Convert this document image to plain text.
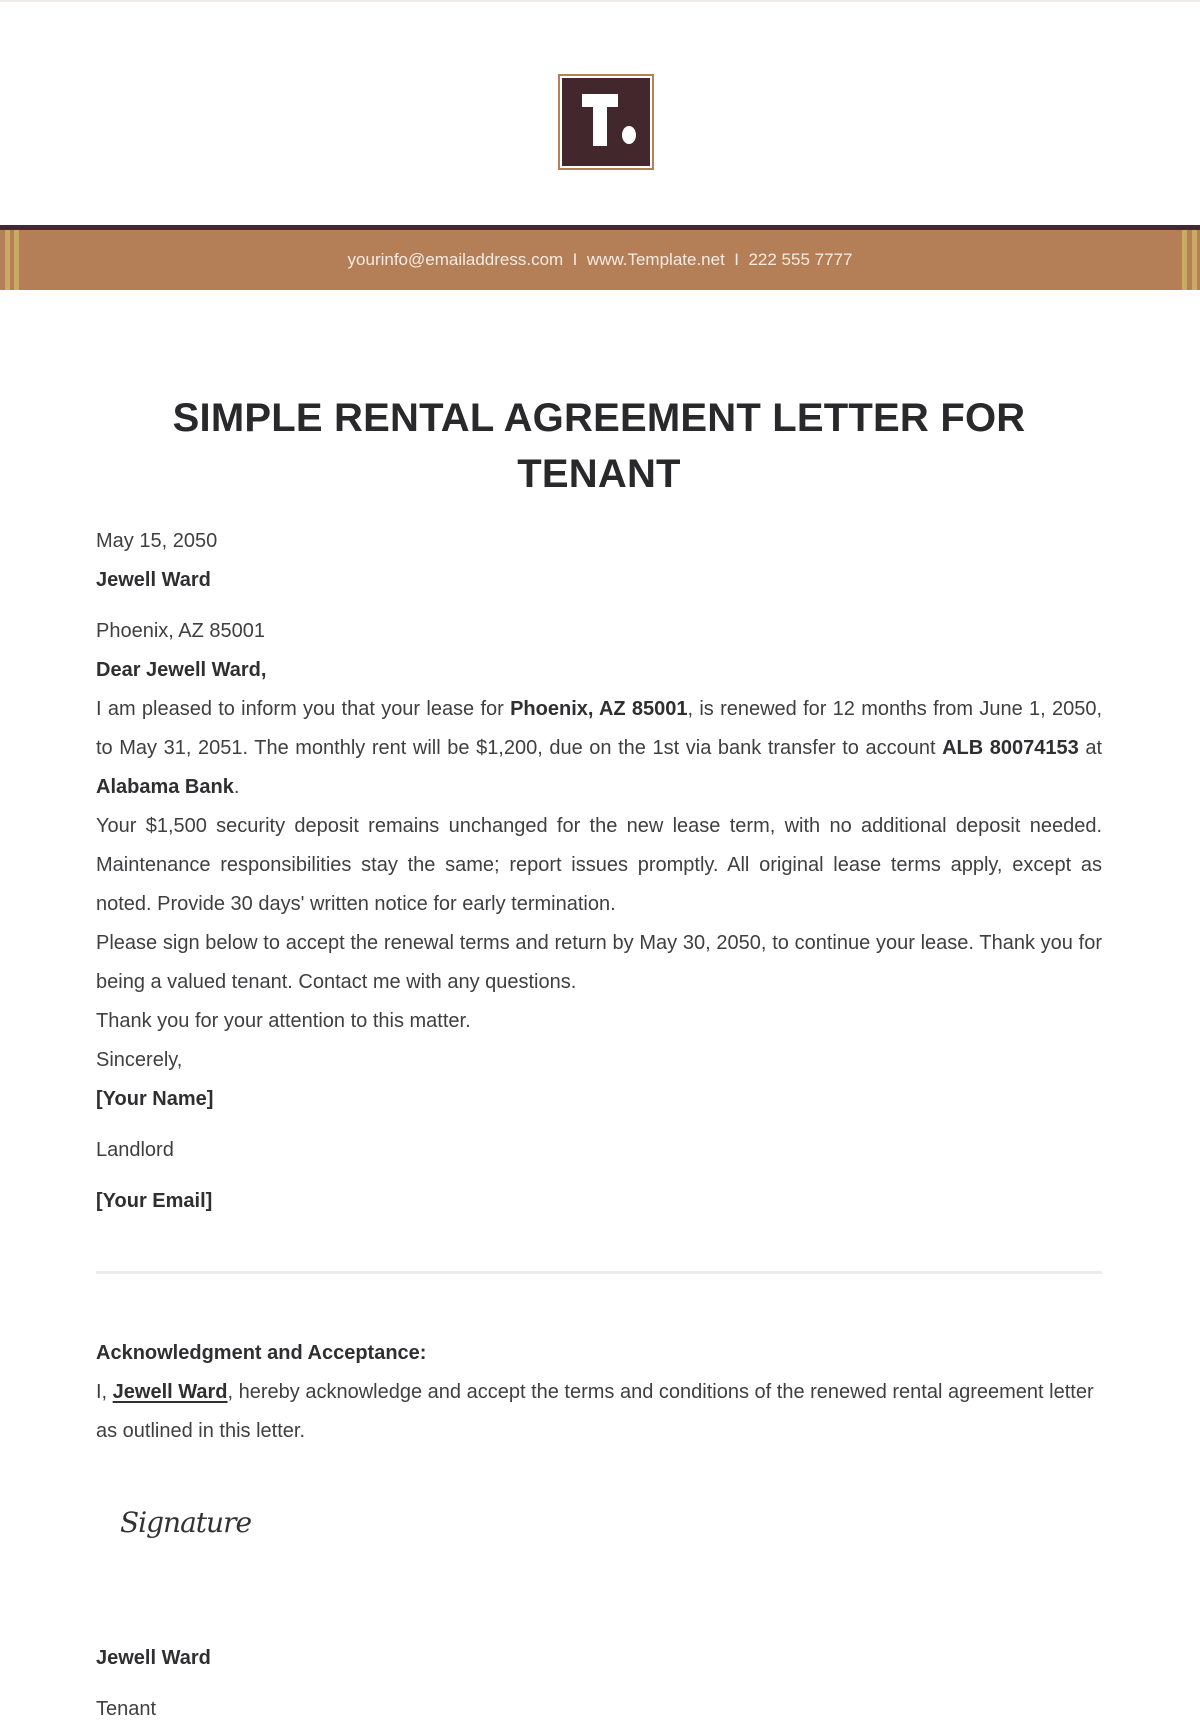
yourinfo@emailaddress.com I www.Template.net I 222 555 7777
SIMPLE RENTAL AGREEMENT LETTER FOR
TENANT

May 15, 2050

Jewell Ward

Phoenix, AZ 85001

Dear Jewell Ward,

I am pleased to inform you that your lease for Phoenix, AZ 85001, is renewed for 12 months from June 1, 2050, to May 31, 2051. The monthly rent will be $1,200, due on the 1st via bank transfer to account ALB 80074153 at Alabama Bank.

Your $1,500 security deposit remains unchanged for the new lease term, with no additional deposit needed. Maintenance responsibilities stay the same; report issues promptly. All original lease terms apply, except as noted. Provide 30 days' written notice for early termination.

Please sign below to accept the renewal terms and return by May 30, 2050, to continue your lease. Thank you for being a valued tenant. Contact me with any questions.

Thank you for your attention to this matter.

Sincerely,

[Your Name]

Landlord

[Your Email]

Acknowledgment and Acceptance:

I, Jewell Ward, hereby acknowledge and accept the terms and conditions of the renewed rental agreement letter as outlined in this letter.

Signature

Jewell Ward

Tenant
